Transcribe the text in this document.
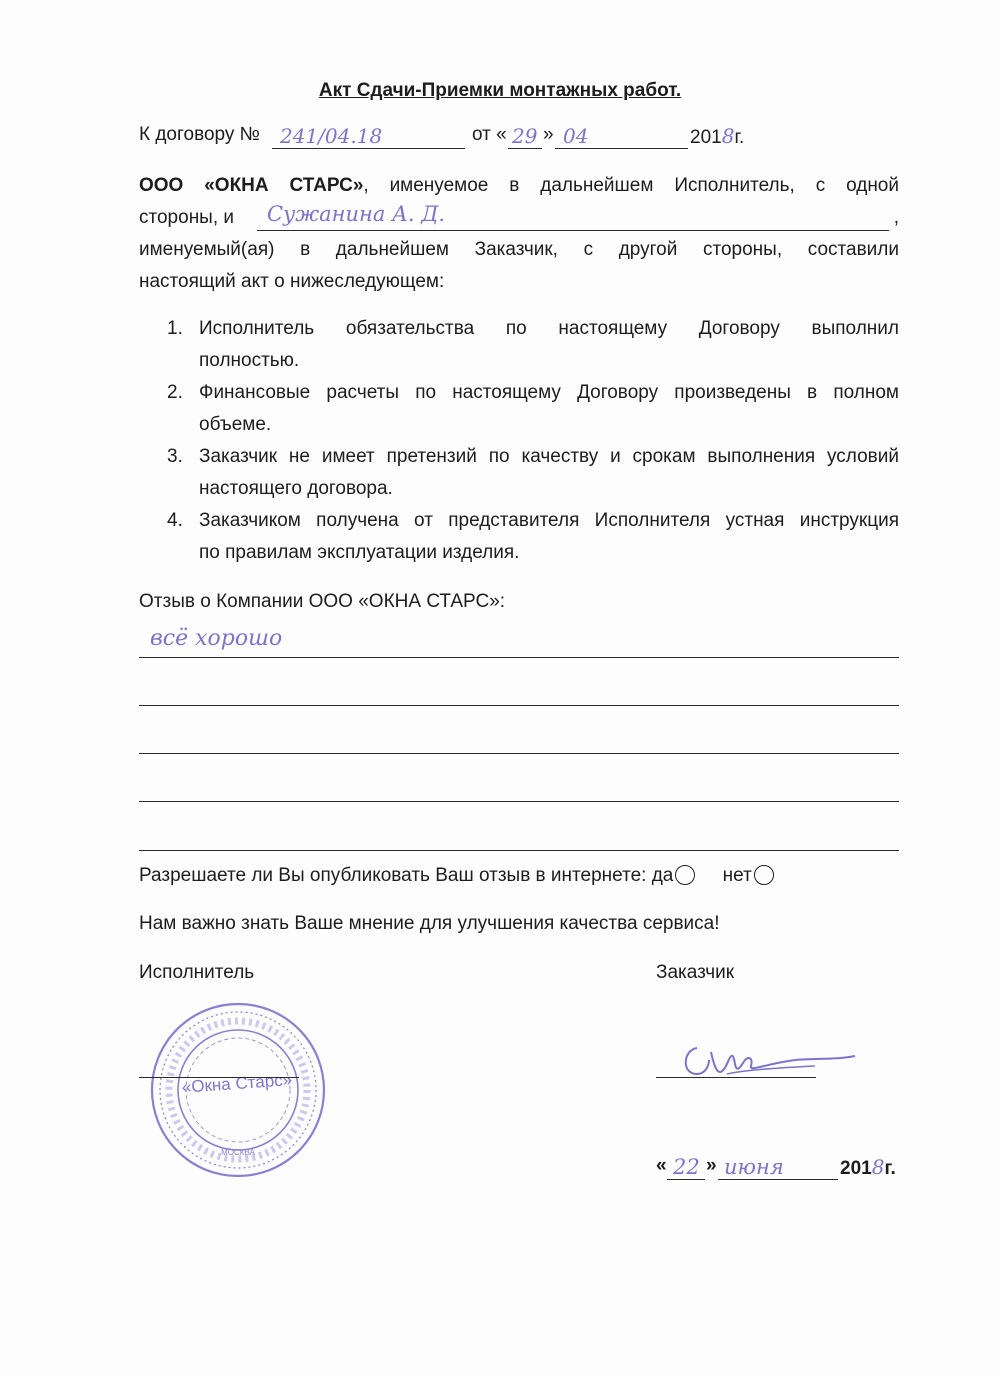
Акт Сдачи-Приемки монтажных работ.
К договору № 241/04.18	от « 29 » 04	2018г.
ООО «ОКНА СТАРС», именуемое в дальнейшем Исполнитель, с одной
стороны, и Сужанина А. Д.	,
именуемый(ая) в дальнейшем Заказчик, с другой стороны, составили
настоящий акт о нижеследующем:
1. Исполнитель обязательства по настоящему Договору выполнил
полностью.
2. Финансовые расчеты по настоящему Договору произведены в полном
объеме.
3. Заказчик не имеет претензий по качеству и срокам выполнения условий
настоящего договора.
4. Заказчиком получена от представителя Исполнителя устная инструкция
по правилам эксплуатации изделия.
Отзыв о Компании ООО «ОКНА СТАРС»:
всё хорошо
Разрешаете ли Вы опубликовать Ваш отзыв в интернете: да	нет
Нам важно знать Ваше мнение для улучшения качества сервиса!
Исполнитель	Заказчик
«Окна Старс»
МОСКВА
« 22 » июня	2018г.
